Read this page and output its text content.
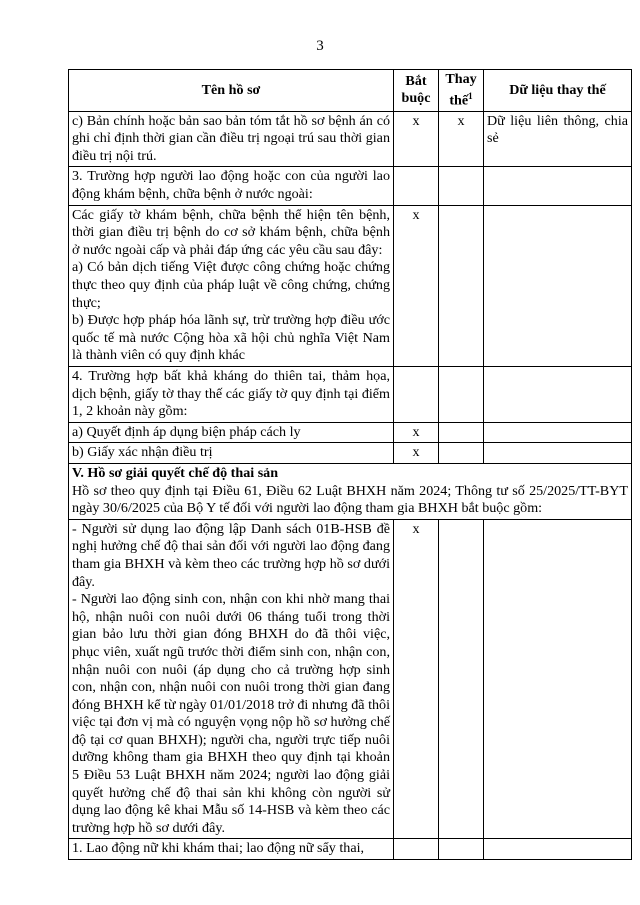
3
Tên hồ sơ	Bắt buộc	Thay thế$^1$	Dữ liệu thay thế
c) Bản chính hoặc bản sao bản tóm tắt hồ sơ bệnh án có ghi chỉ định thời gian cần điều trị ngoại trú sau thời gian điều trị nội trú.	x	x	Dữ liệu liên thông, chia sẻ
3. Trường hợp người lao động hoặc con của người lao động khám bệnh, chữa bệnh ở nước ngoài:			

Các giấy tờ khám bệnh, chữa bệnh thể hiện tên bệnh, thời gian điều trị bệnh do cơ sở khám bệnh, chữa bệnh ở nước ngoài cấp và phải đáp ứng các yêu cầu sau đây:
a) Có bản dịch tiếng Việt được công chứng hoặc chứng thực theo quy định của pháp luật về công chứng, chứng thực;
b) Được hợp pháp hóa lãnh sự, trừ trường hợp điều ước quốc tế mà nước Cộng hòa xã hội chủ nghĩa Việt Nam là thành viên có quy định khác	x		
4. Trường hợp bất khả kháng do thiên tai, thảm họa, dịch bệnh, giấy tờ thay thế các giấy tờ quy định tại điểm 1, 2 khoản này gồm:			
a) Quyết định áp dụng biện pháp cách ly	x		
b) Giấy xác nhận điều trị	x		

V. Hồ sơ giải quyết chế độ thai sản
Hồ sơ theo quy định tại Điều 61, Điều 62 Luật BHXH năm 2024; Thông tư số 25/2025/TT-BYT ngày 30/6/2025 của Bộ Y tế đối với người lao động tham gia BHXH bắt buộc gồm:			

- Người sử dụng lao động lập Danh sách 01B-HSB đề nghị hưởng chế độ thai sản đối với người lao động đang tham gia BHXH và kèm theo các trường hợp hồ sơ dưới đây.
- Người lao động sinh con, nhận con khi nhờ mang thai hộ, nhận nuôi con nuôi dưới 06 tháng tuổi trong thời gian bảo lưu thời gian đóng BHXH do đã thôi việc, phục viên, xuất ngũ trước thời điểm sinh con, nhận con, nhận nuôi con nuôi (áp dụng cho cả trường hợp sinh con, nhận con, nhận nuôi con nuôi trong thời gian đang đóng BHXH kể từ ngày 01/01/2018 trở đi nhưng đã thôi việc tại đơn vị mà có nguyện vọng nộp hồ sơ hưởng chế độ tại cơ quan BHXH); người cha, người trực tiếp nuôi dưỡng không tham gia BHXH theo quy định tại khoản 5 Điều 53 Luật BHXH năm 2024; người lao động giải quyết hưởng chế độ thai sản khi không còn người sử dụng lao động kê khai Mẫu số 14-HSB và kèm theo các trường hợp hồ sơ dưới đây.	x		
1. Lao động nữ khi khám thai; lao động nữ sẩy thai,			
